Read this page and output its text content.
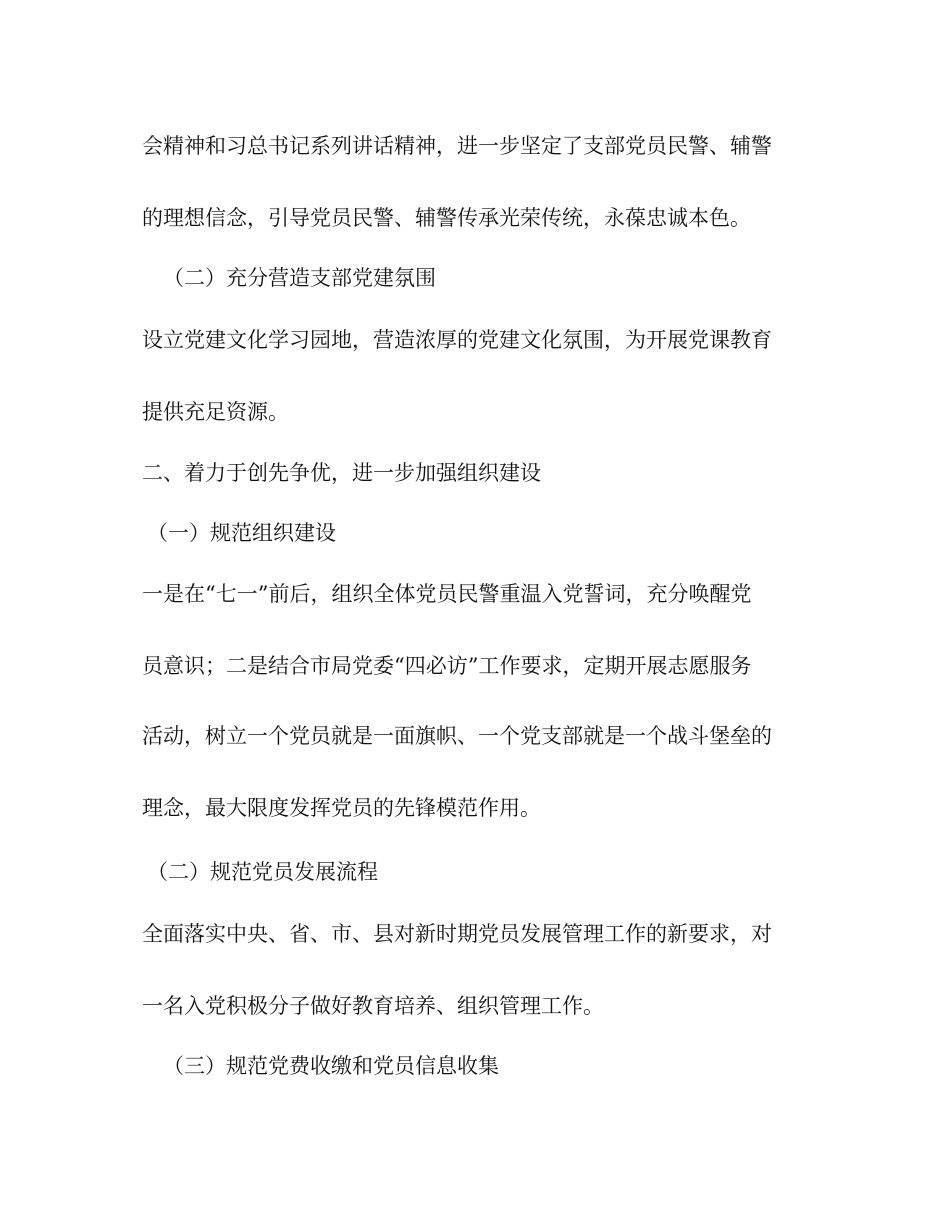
会精神和习总书记系列讲话精神，进一步坚定了支部党员民警、辅警
的理想信念，引导党员民警、辅警传承光荣传统，永葆忠诚本色。
（二）充分营造支部党建氛围
设立党建文化学习园地，营造浓厚的党建文化氛围，为开展党课教育
提供充足资源。
二、着力于创先争优，进一步加强组织建设
（一）规范组织建设
一是在“七一”前后，组织全体党员民警重温入党誓词，充分唤醒党
员意识；二是结合市局党委“四必访”工作要求，定期开展志愿服务
活动，树立一个党员就是一面旗帜、一个党支部就是一个战斗堡垒的
理念，最大限度发挥党员的先锋模范作用。
（二）规范党员发展流程
全面落实中央、省、市、县对新时期党员发展管理工作的新要求，对
一名入党积极分子做好教育培养、组织管理工作。
（三）规范党费收缴和党员信息收集
